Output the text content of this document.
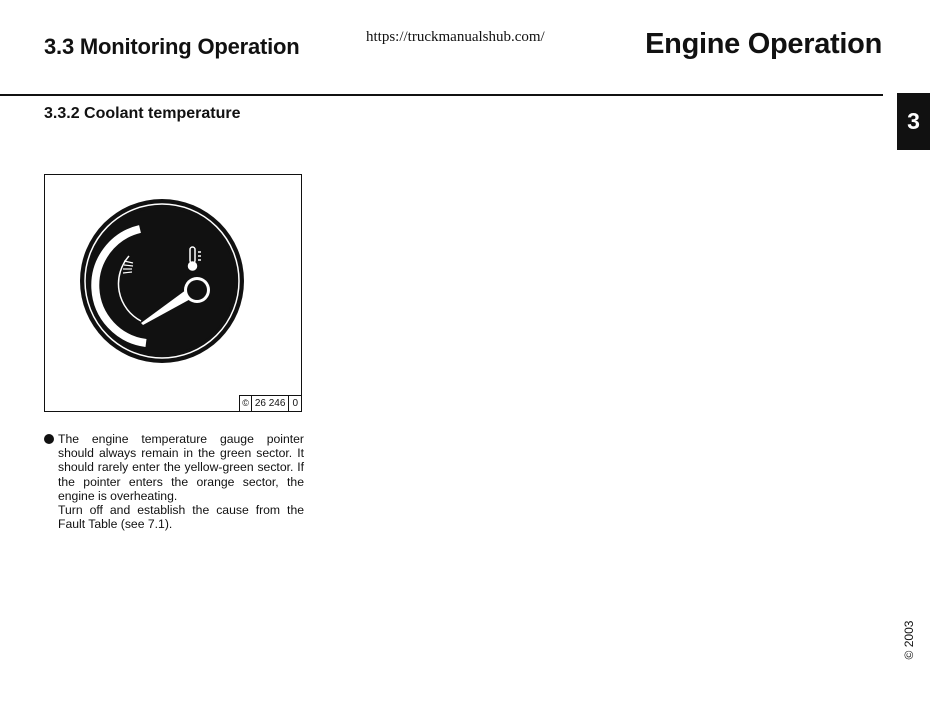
3.3 Monitoring Operation	https://truckmanualshub.com/	Engine Operation
3
3.3.2 Coolant temperature
© 26 246 0

The engine temperature gauge pointer should always remain in the green sector. It should rarely enter the yellow-green sector. If the pointer enters the orange sector, the engine is overheating.

Turn off and establish the cause from the Fault Table (see 7.1).

© 2003
